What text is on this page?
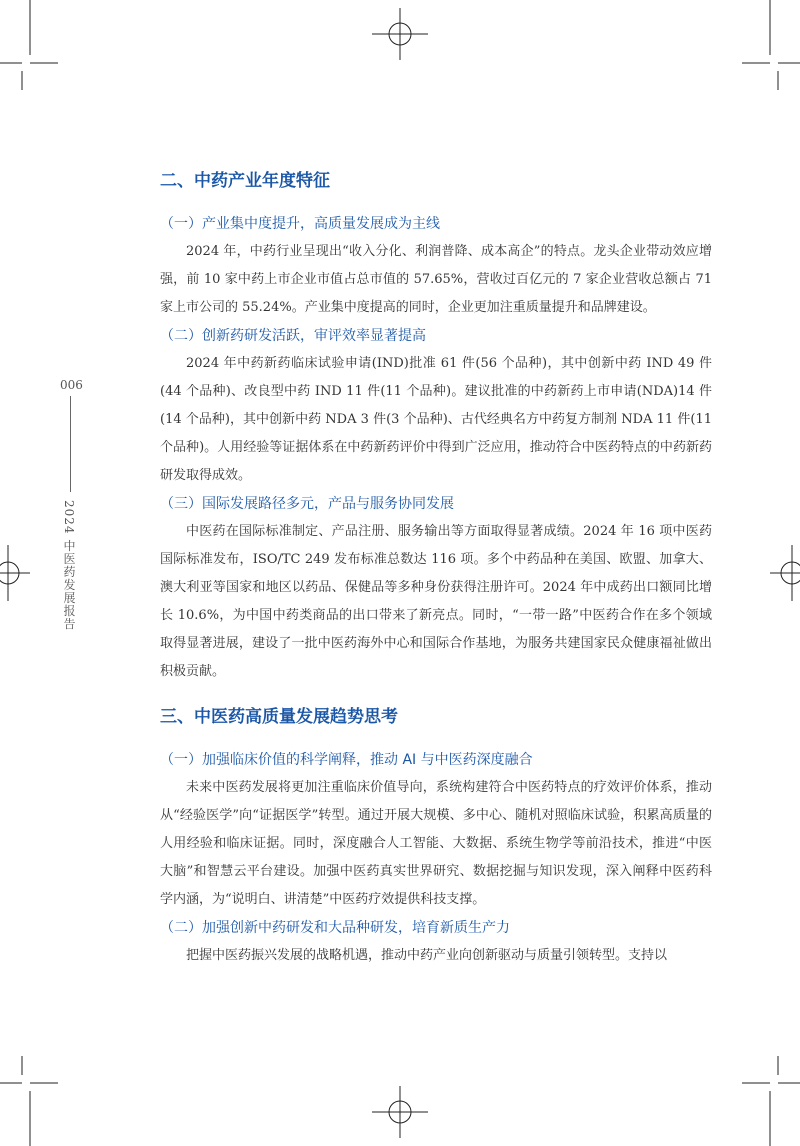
006
2024 中医药发展报告
二、中药产业年度特征
（一）产业集中度提升，高质量发展成为主线

2024 年，中药行业呈现出“收入分化、利润普降、成本高企”的特点。龙头企业带动效应增强，前 10 家中药上市企业市值占总市值的 57.65%，营收过百亿元的 7 家企业营收总额占 71 家上市公司的 55.24%。产业集中度提高的同时，企业更加注重质量提升和品牌建设。

（二）创新药研发活跃，审评效率显著提高

2024 年中药新药临床试验申请(IND)批准 61 件(56 个品种)，其中创新中药 IND 49 件(44 个品种)、改良型中药 IND 11 件(11 个品种)。建议批准的中药新药上市申请(NDA)14 件(14 个品种)，其中创新中药 NDA 3 件(3 个品种)、古代经典名方中药复方制剂 NDA 11 件(11 个品种)。人用经验等证据体系在中药新药评价中得到广泛应用，推动符合中医药特点的中药新药研发取得成效。

（三）国际发展路径多元，产品与服务协同发展

中医药在国际标准制定、产品注册、服务输出等方面取得显著成绩。2024 年 16 项中医药国际标准发布，ISO/TC 249 发布标准总数达 116 项。多个中药品种在美国、欧盟、加拿大、澳大利亚等国家和地区以药品、保健品等多种身份获得注册许可。2024 年中成药出口额同比增长 10.6%，为中国中药类商品的出口带来了新亮点。同时，“一带一路”中医药合作在多个领域取得显著进展，建设了一批中医药海外中心和国际合作基地，为服务共建国家民众健康福祉做出积极贡献。

三、中医药高质量发展趋势思考
（一）加强临床价值的科学阐释，推动 AI 与中医药深度融合

未来中医药发展将更加注重临床价值导向，系统构建符合中医药特点的疗效评价体系，推动从“经验医学”向“证据医学”转型。通过开展大规模、多中心、随机对照临床试验，积累高质量的人用经验和临床证据。同时，深度融合人工智能、大数据、系统生物学等前沿技术，推进“中医大脑”和智慧云平台建设。加强中医药真实世界研究、数据挖掘与知识发现，深入阐释中医药科学内涵，为“说明白、讲清楚”中医药疗效提供科技支撑。

（二）加强创新中药研发和大品种研发，培育新质生产力

把握中医药振兴发展的战略机遇，推动中药产业向创新驱动与质量引领转型。支持以
